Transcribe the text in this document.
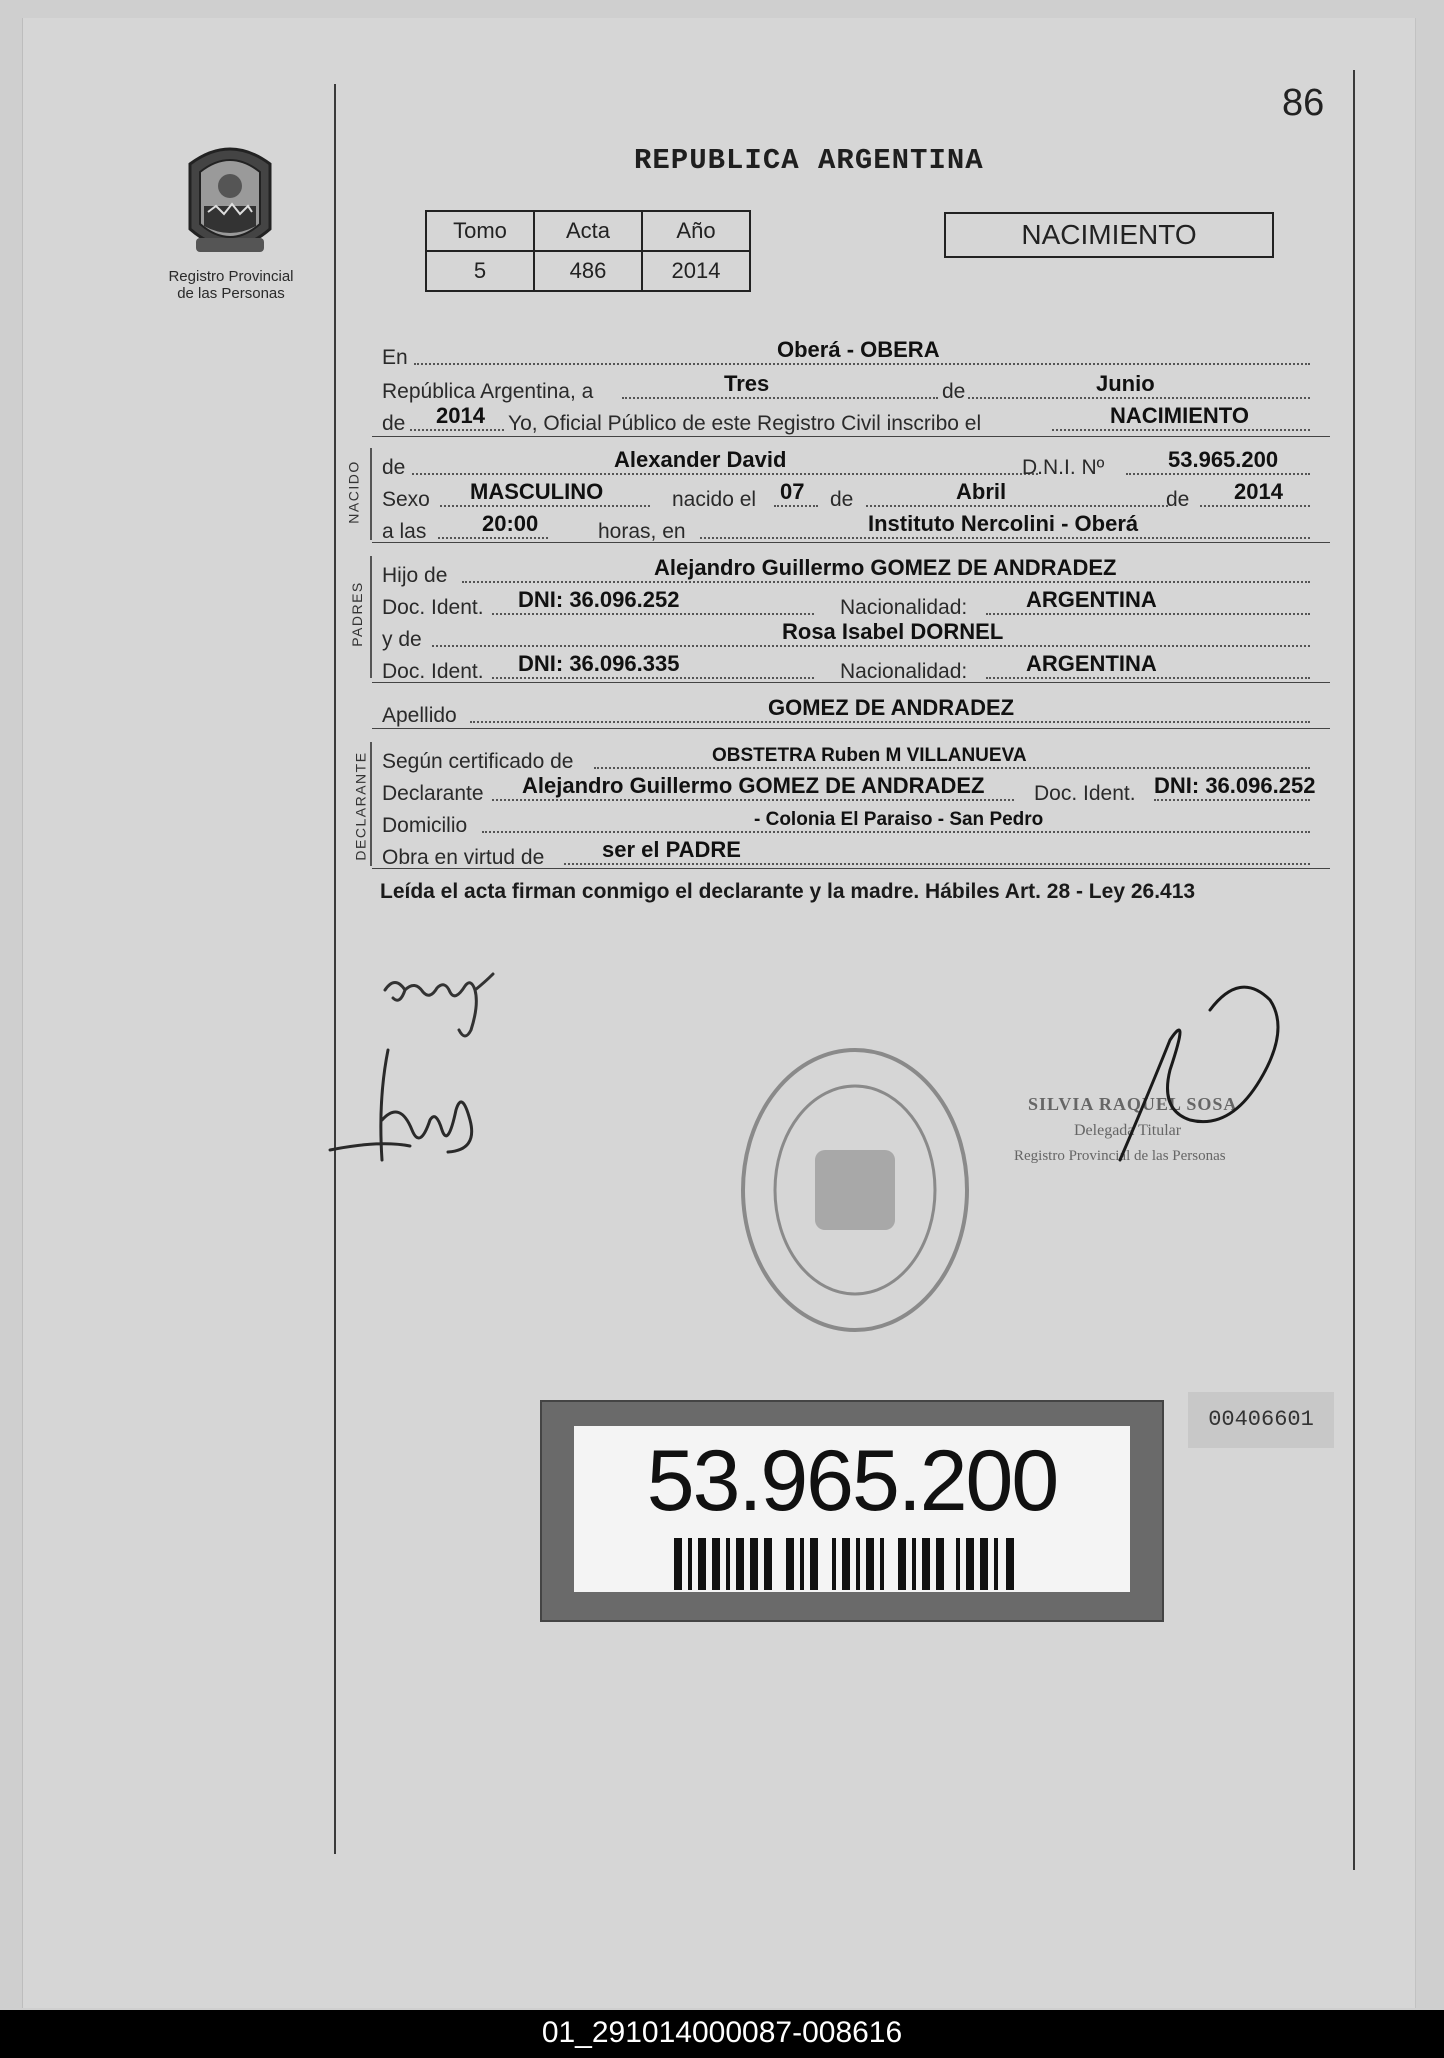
86
Registro Provincial
de las Personas
REPUBLICA ARGENTINA
Tomo	Acta	Año
5	486	2014
NACIMIENTO
En	Oberá - OBERA
República Argentina, a	Tres	de	Junio
de 2014 Yo, Oficial Público de este Registro Civil inscribo el	NACIMIENTO
NACIDO de	Alexander David	D.N.I. Nº	53.965.200
Sexo MASCULINO	nacido el 07 de	Abril	de 2014
a las	20:00	horas, en	Instituto Nercolini - Oberá
PADRES
Hijo de	Alejandro Guillermo GOMEZ DE ANDRADEZ
Doc. Ident. DNI: 36.096.252	Nacionalidad:	ARGENTINA
y de	Rosa Isabel DORNEL
Doc. Ident. DNI: 36.096.335	Nacionalidad:	ARGENTINA
Apellido	GOMEZ DE ANDRADEZ
DECLARANTE Según certificado de	OBSTETRA Ruben M VILLANUEVA
Declarante Alejandro Guillermo GOMEZ DE ANDRADEZ Doc. Ident. DNI: 36.096.252
Domicilio	- Colonia El Paraiso - San Pedro
Obra en virtud de	ser el PADRE
Leída el acta firman conmigo el declarante y la madre. Hábiles Art. 28 - Ley 26.413
SILVIA RAQUEL SOSA
Delegada Titular
Registro Provincial de las Personas
53.965.200
00406601
01_291014000087-008616
